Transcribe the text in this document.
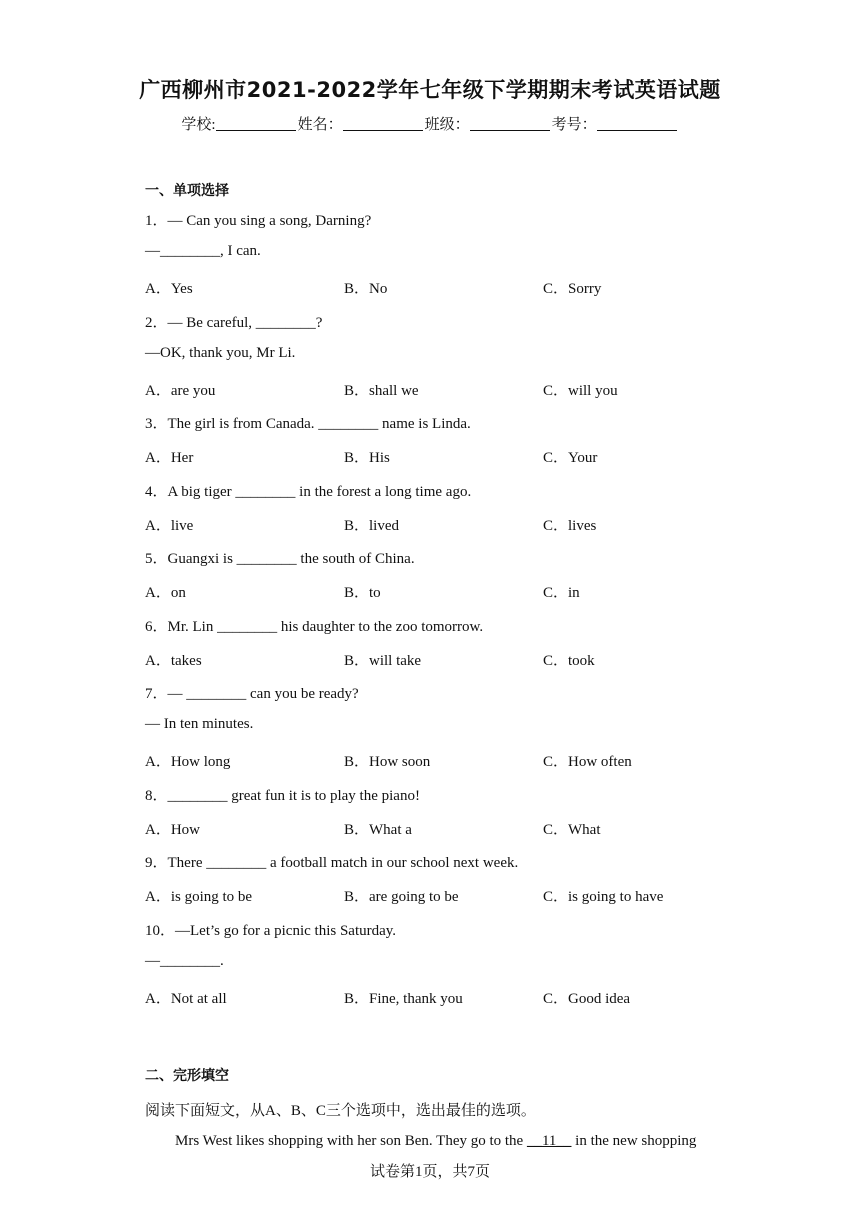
广西柳州市2021-2022学年七年级下学期期末考试英语试题
学校:	姓名：	班级：	考号：
一、单项选择
1．— Can you sing a song, Darning?
—________, I can.
A．Yes	B．No	C．Sorry
2．— Be careful, ________?
—OK, thank you, Mr Li.
A．are you	B．shall we	C．will you
3．The girl is from Canada. ________ name is Linda.
A．Her	B．His	C．Your
4．A big tiger ________ in the forest a long time ago.
A．live	B．lived	C．lives
5．Guangxi is ________ the south of China.
A．on	B．to	C．in
6．Mr. Lin ________ his daughter to the zoo tomorrow.
A．takes	B．will take	C．took
7．— ________ can you be ready?
— In ten minutes.
A．How long	B．How soon	C．How often
8．________ great fun it is to play the piano!
A．How	B．What a	C．What
9．There ________ a football match in our school next week.
A．is going to be	B．are going to be	C．is going to have
10．—Let’s go for a picnic this Saturday.
—________.
A．Not at all	B．Fine, thank you	C．Good idea
二、完形填空
阅读下面短文，从A、B、C三个选项中，选出最佳的选项。
Mrs West likes shopping with her son Ben. They go to the __11__ in the new shopping
试卷第1页，共7页
